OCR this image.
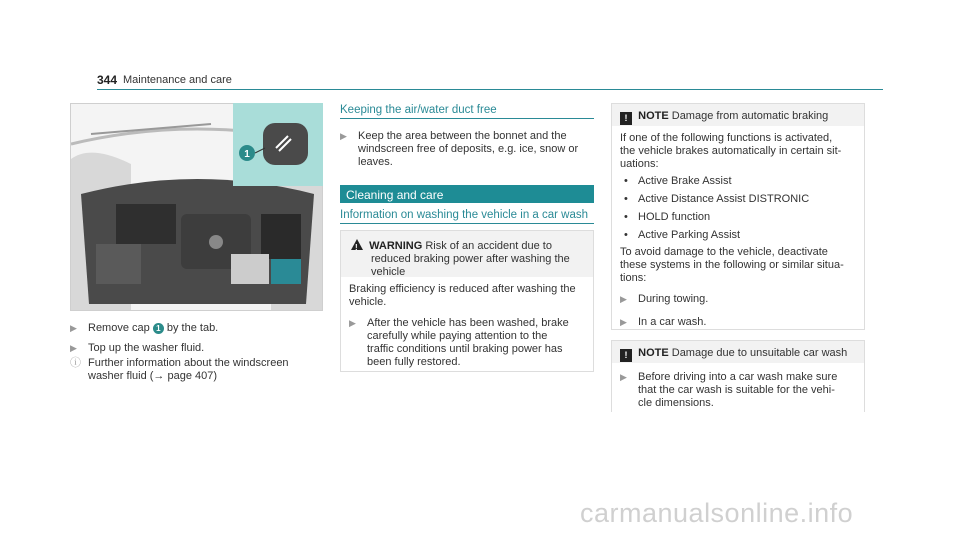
344 Maintenance and care
1
▶ Remove cap 1 by the tab.
▶ Top up the washer fluid.
ⓘ Further information about the windscreen
washer fluid (→ page 407)
Keeping the air/water duct free
▶ Keep the area between the bonnet and the
windscreen free of deposits, e.g. ice, snow or
leaves.
Cleaning and care
Information on washing the vehicle in a car wash
!  WARNING Risk of an accident due to
reduced braking power after washing the
vehicle
Braking efficiency is reduced after washing the
vehicle.
▶ After the vehicle has been washed, brake
carefully while paying attention to the
traffic conditions until braking power has
been fully restored.
! NOTE Damage from automatic braking
If one of the following functions is activated,
the vehicle brakes automatically in certain sit-
uations:
• Active Brake Assist
• Active Distance Assist DISTRONIC
• HOLD function
• Active Parking Assist
To avoid damage to the vehicle, deactivate
these systems in the following or similar situa-
tions:
▶ During towing.
▶ In a car wash.
! NOTE Damage due to unsuitable car wash
▶ Before driving into a car wash make sure
that the car wash is suitable for the vehi-
cle dimensions.
carmanualsonline.info
